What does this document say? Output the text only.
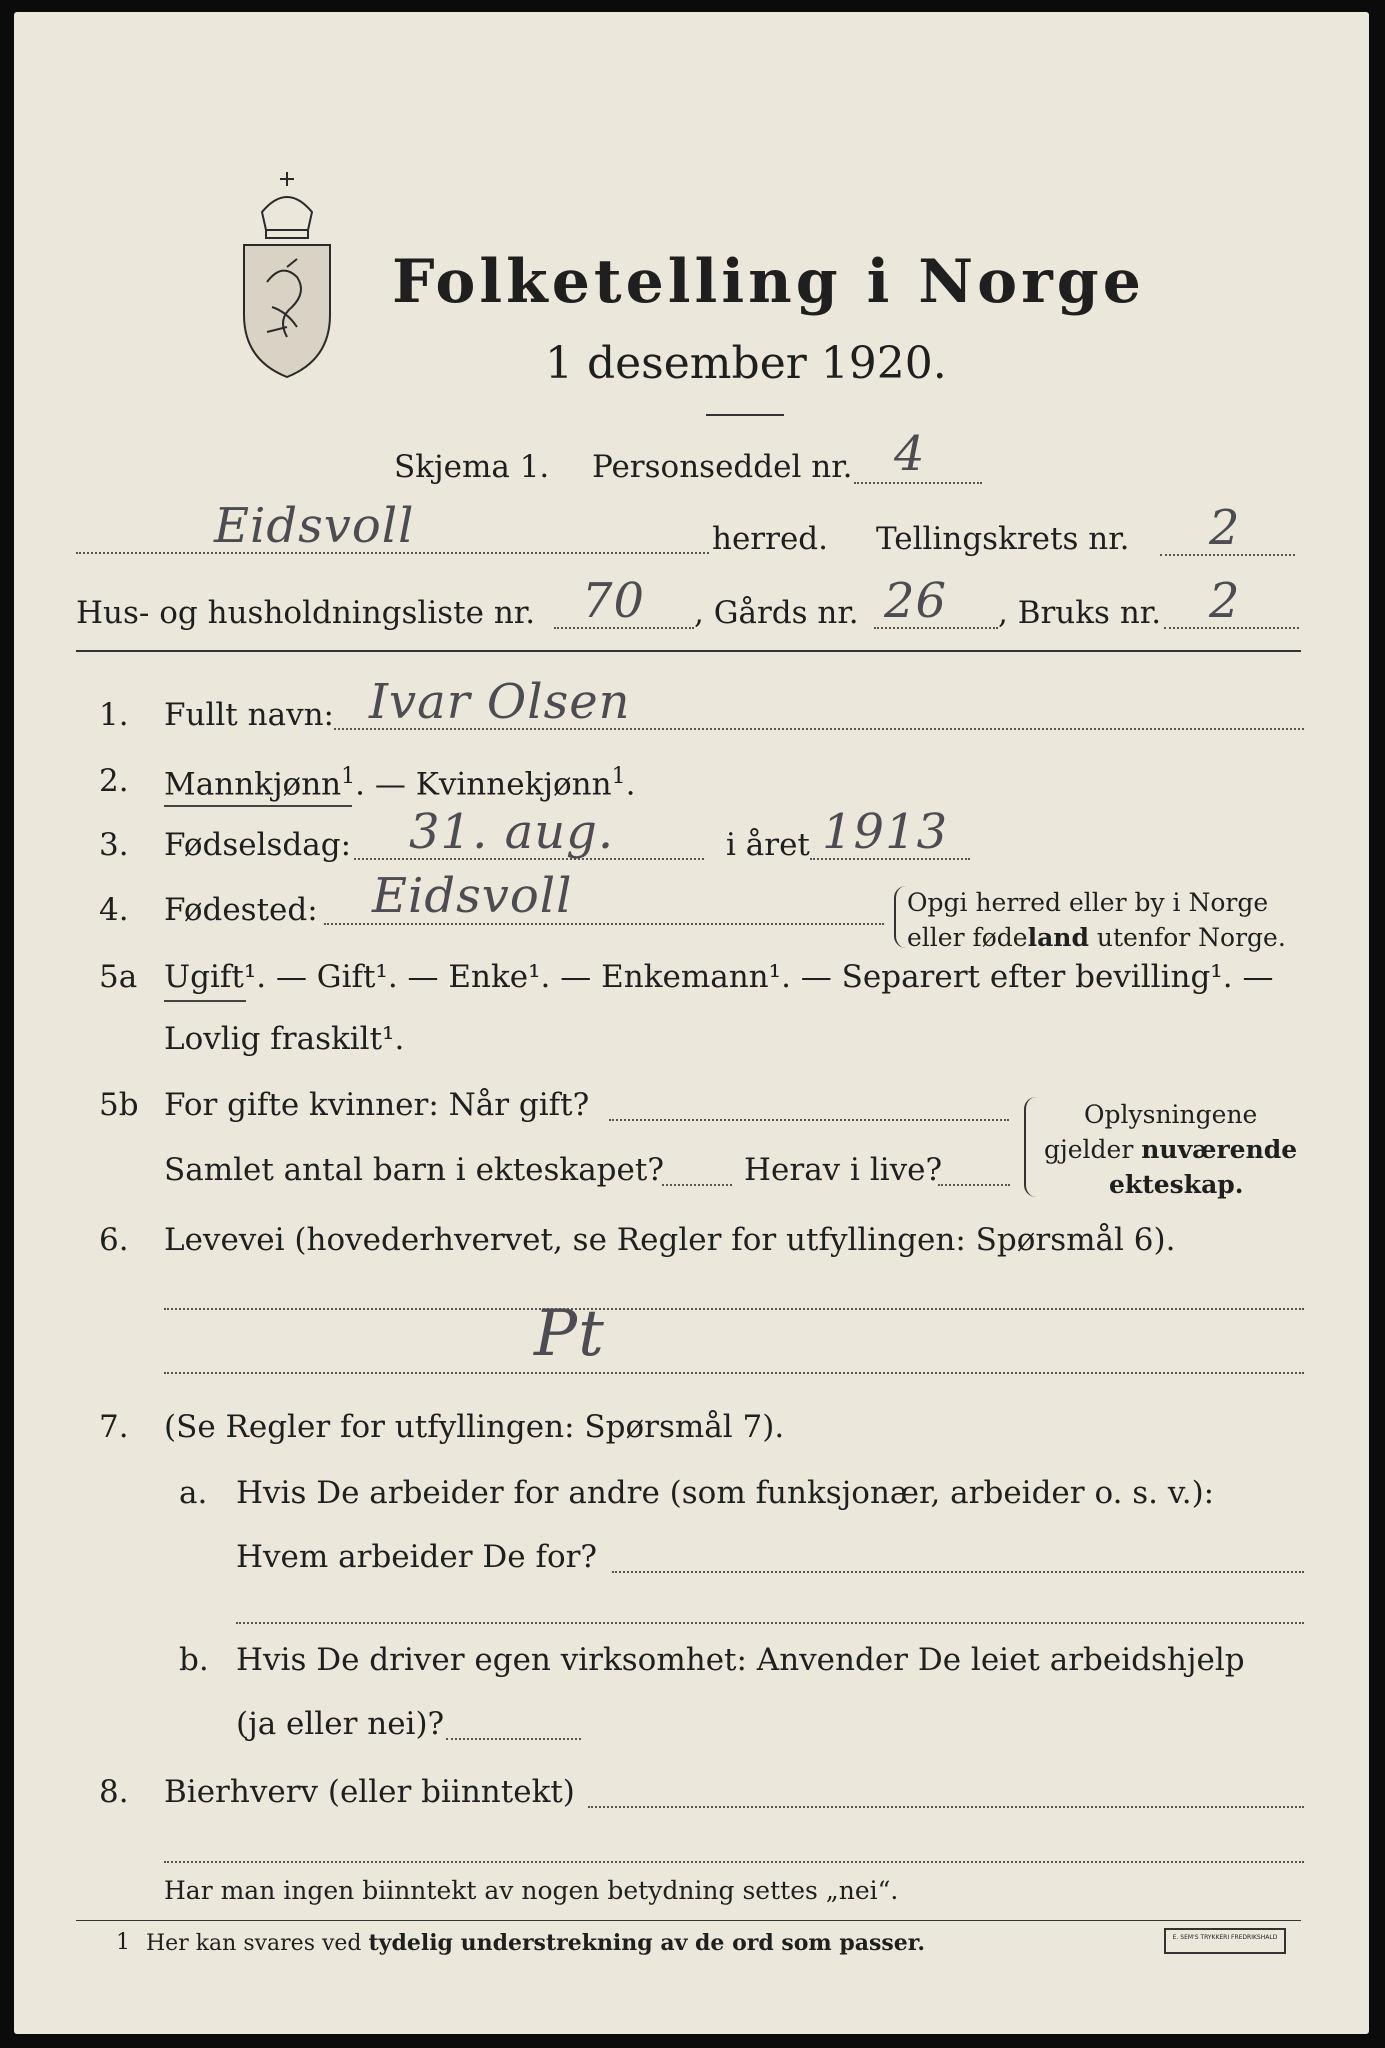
Folketelling i Norge
1 desember 1920.
Skjema 1. Personseddel nr. 4
Eidsvoll	herred. Tellingskrets nr. 2
Hus- og husholdningsliste nr. 70 , Gårds nr. 26 , Bruks nr. 2
1. Fullt navn: Ivar Olsen
2. Mannkjønn$^1$. — Kvinnekjønn$^1$.
3. Fødselsdag: 31. aug.	i året 1913
4. Fødested: Eidsvoll	Opgi herred eller by i Norge
eller fødeland utenfor Norge.
5a Ugift¹. — Gift¹. — Enke¹. — Enkemann¹. — Separert efter bevilling¹. —
Lovlig fraskilt¹.
5b For gifte kvinner: Når gift?
Samlet antal barn i ekteskapet?	Herav i live?
Oplysningene
gjelder nuværende
ekteskap.
6. Levevei (hovederhvervet, se Regler for utfyllingen: Spørsmål 6).
Pt
7. (Se Regler for utfyllingen: Spørsmål 7).
a. Hvis De arbeider for andre (som funksjonær, arbeider o. s. v.):
Hvem arbeider De for?
b. Hvis De driver egen virksomhet: Anvender De leiet arbeidshjelp
(ja eller nei)?
8. Bierhverv (eller biinntekt)
Har man ingen biinntekt av nogen betydning settes „nei“.
1 Her kan svares ved tydelig understrekning av de ord som passer.	E. SEM'S TRYKKERI FREDRIKSHALD
